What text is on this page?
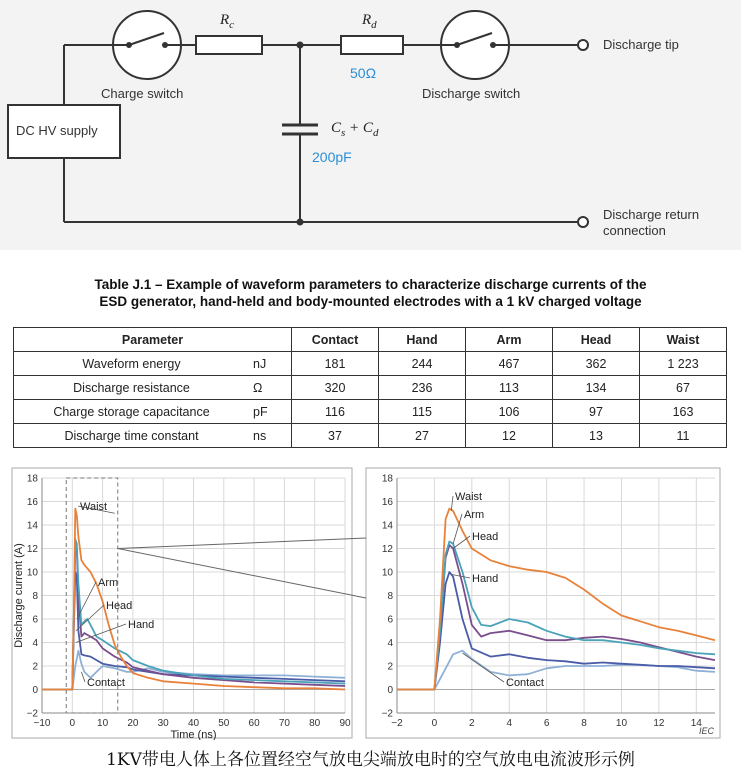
DC HV supply
Charge switch	Discharge switch
$R_c$	$R_d$
50Ω
$C_s + C_d$
200pF
Discharge tip
Discharge return
connection
Table J.1 – Example of waveform parameters to characterize discharge currents of the
ESD generator, hand-held and body-mounted electrodes with a 1 kV charged voltage
Parameter		Contact	Hand	Arm	Head	Waist
Waveform energy	nJ	181	244	467	362	1 223
Discharge resistance	Ω	320	236	113	134	67
Charge storage capacitance	pF	116	115	106	97	163
Discharge time constant	ns	37	27	12	13	11
−10 0 10 20 30 40 50 60 70 80 90
−2
0
2
4
6
8
10
12
14
16
18
Waist
Arm
Head
Hand
Contact
Time (ns)
Discharge current (A)
−2	0	2	4	6	8	10	12	14
−2
0
2
4
6
8
10
12
14
16
18
Waist
Arm
Head
Hand
Contact
IEC
1KV带电人体上各位置经空气放电尖端放电时的空气放电电流波形示例
